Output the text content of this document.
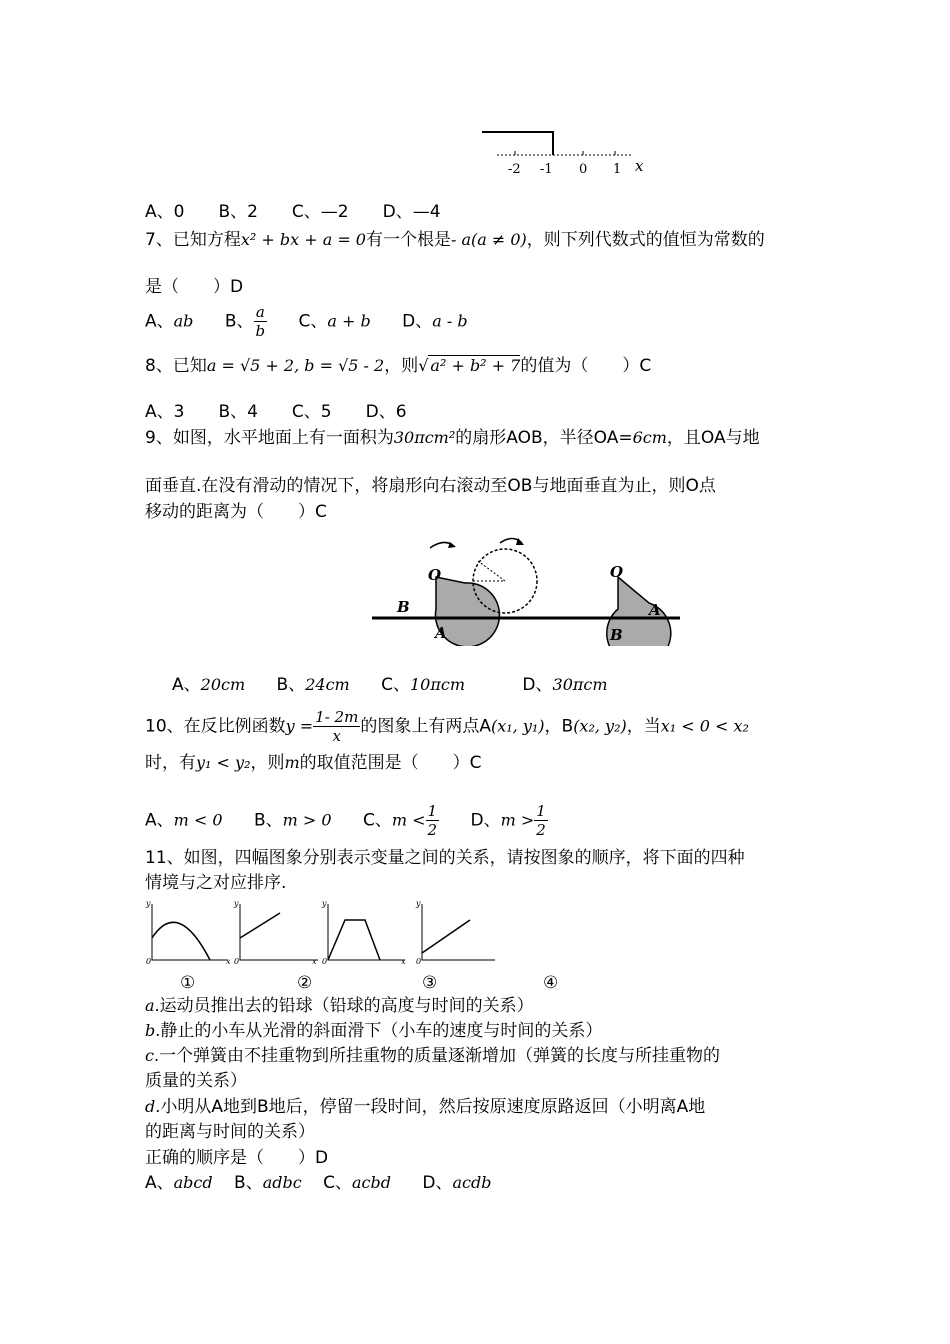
-2 -1 0 1 x
A、0　　B、2　　C、—2　　D、—4
7、已知方程x² + bx + a = 0有一个根是- a(a ≠ 0)，则下列代数式的值恒为常数的
是（　　）D
A、ab B、 $\frac{a}{b}$ C、a + b D、a - b
8、已知a = √5 + 2, b = √5 - 2，则√ a² + b² + 7的值为（　　）C
A、3　　B、4　　C、5　　D、6
9、如图，水平地面上有一面积为30πcm²的扇形AOB，半径OA=6cm，且OA与地
面垂直.在没有滑动的情况下，将扇形向右滚动至OB与地面垂直为止，则O点
移动的距离为（　　）C
O
B
A
O
A
B
A、20cm B、24cm C、10πcm	D、30πcm
10、在反比例函数$y = \frac{1- 2m}{x}$ 的图象上有两点A(x₁, y₁)，B(x₂, y₂)，当x₁ < 0 < x₂
时，有y₁ < y₂，则m的取值范围是（　　）C
A、m < 0 B、m > 0 C、$m < \frac{1}{2}$ D、$m > \frac{1}{2}$
11、如图，四幅图象分别表示变量之间的关系，请按图象的顺序，将下面的四种
情境与之对应排序.
y	y	y	y
x	x	x
0	0	0	0
①	②	③	④
a.运动员推出去的铅球（铅球的高度与时间的关系）
b.静止的小车从光滑的斜面滑下（小车的速度与时间的关系）
c.一个弹簧由不挂重物到所挂重物的质量逐渐增加（弹簧的长度与所挂重物的
质量的关系）
d.小明从A地到B地后，停留一段时间，然后按原速度原路返回（小明离A地
的距离与时间的关系）
正确的顺序是（　　）D
A、abcd B、adbc C、acbd D、acdb
